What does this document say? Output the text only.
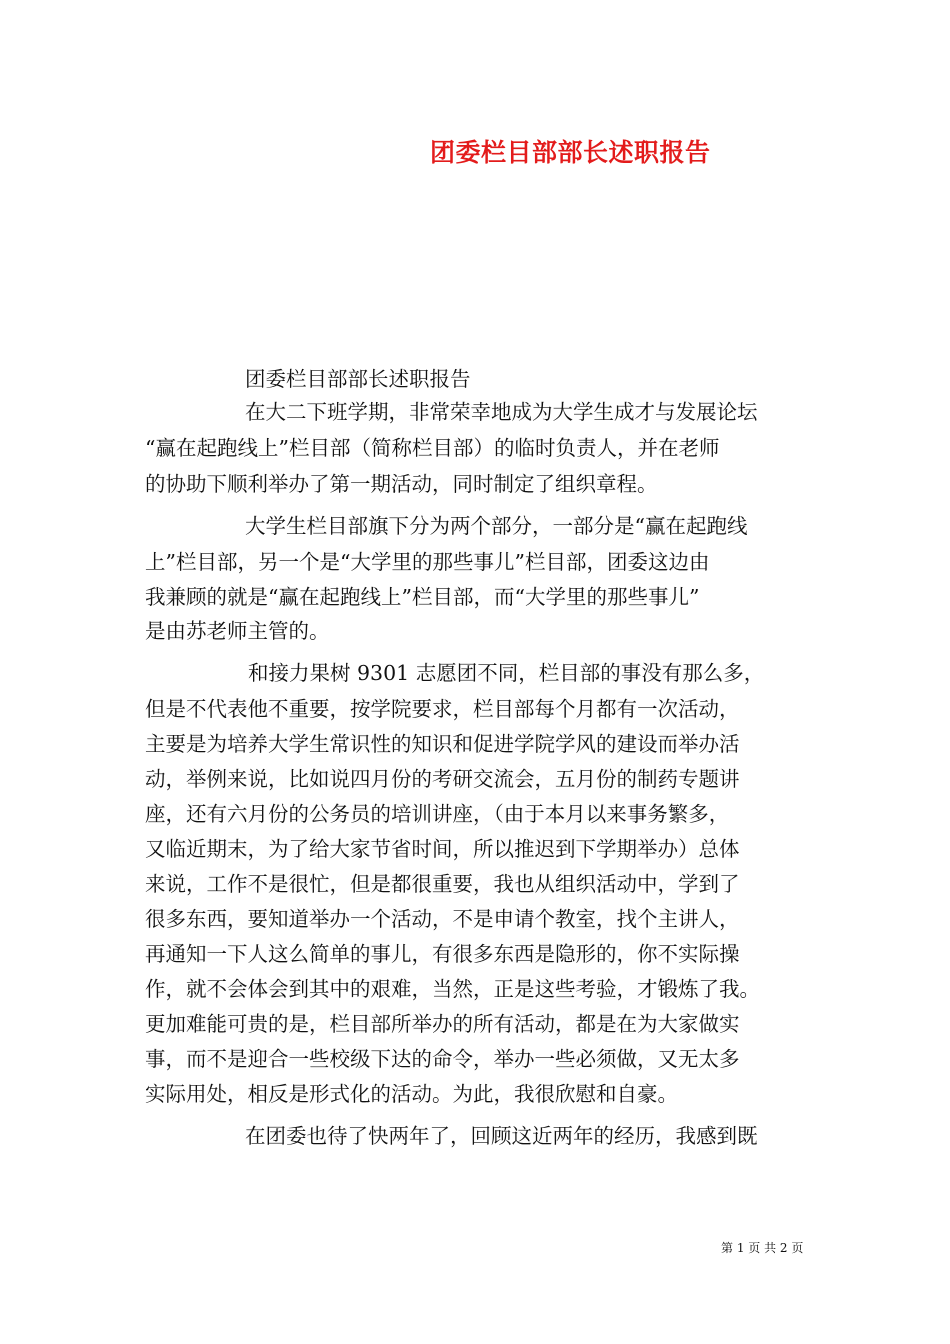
团委栏目部部长述职报告

团委栏目部部长述职报告

在大二下班学期，非常荣幸地成为大学生成才与发展论坛

“赢在起跑线上”栏目部（简称栏目部）的临时负责人，并在老师

的协助下顺利举办了第一期活动，同时制定了组织章程。

大学生栏目部旗下分为两个部分，一部分是“赢在起跑线

上”栏目部，另一个是“大学里的那些事儿”栏目部，团委这边由

我兼顾的就是“赢在起跑线上”栏目部，而“大学里的那些事儿”

是由苏老师主管的。

和接力果树 9301 志愿团不同，栏目部的事没有那么多，

但是不代表他不重要，按学院要求，栏目部每个月都有一次活动，

主要是为培养大学生常识性的知识和促进学院学风的建设而举办活

动，举例来说，比如说四月份的考研交流会，五月份的制药专题讲

座，还有六月份的公务员的培训讲座，（由于本月以来事务繁多，

又临近期末，为了给大家节省时间，所以推迟到下学期举办）总体

来说，工作不是很忙，但是都很重要，我也从组织活动中，学到了

很多东西，要知道举办一个活动，不是申请个教室，找个主讲人，

再通知一下人这么简单的事儿，有很多东西是隐形的，你不实际操

作，就不会体会到其中的艰难，当然，正是这些考验，才锻炼了我。

更加难能可贵的是，栏目部所举办的所有活动，都是在为大家做实

事，而不是迎合一些校级下达的命令，举办一些必须做，又无太多

实际用处，相反是形式化的活动。为此，我很欣慰和自豪。

在团委也待了快两年了，回顾这近两年的经历，我感到既

第 1 页 共 2 页
